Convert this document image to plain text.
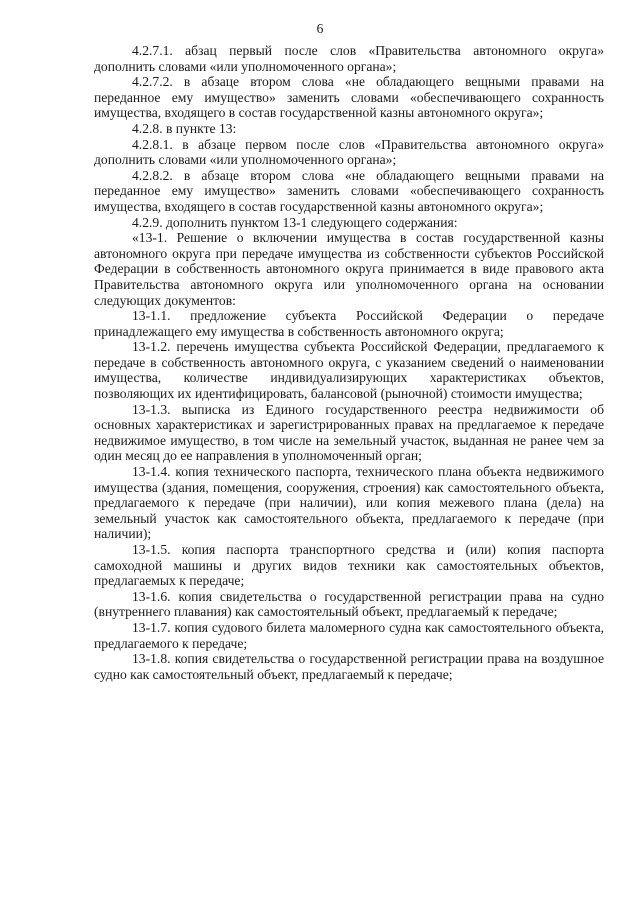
6

4.2.7.1. абзац первый после слов «Правительства автономного округа» дополнить словами «или уполномоченного органа»;

4.2.7.2. в абзаце втором слова «не обладающего вещными правами на переданное ему имущество» заменить словами «обеспечивающего сохранность имущества, входящего в состав государственной казны автономного округа»;

4.2.8. в пункте 13:

4.2.8.1. в абзаце первом после слов «Правительства автономного округа» дополнить словами «или уполномоченного органа»;

4.2.8.2. в абзаце втором слова «не обладающего вещными правами на переданное ему имущество» заменить словами «обеспечивающего сохранность имущества, входящего в состав государственной казны автономного округа»;

4.2.9. дополнить пунктом 13-1 следующего содержания:

«13-1. Решение о включении имущества в состав государственной казны автономного округа при передаче имущества из собственности субъектов Российской Федерации в собственность автономного округа принимается в виде правового акта Правительства автономного округа или уполномоченного органа на основании следующих документов:

13-1.1. предложение субъекта Российской Федерации о передаче принадлежащего ему имущества в собственность автономного округа;

13-1.2. перечень имущества субъекта Российской Федерации, предлагаемого к передаче в собственность автономного округа, с указанием сведений о наименовании имущества, количестве индивидуализирующих характеристиках объектов, позволяющих их идентифицировать, балансовой (рыночной) стоимости имущества;

13-1.3. выписка из Единого государственного реестра недвижимости об основных характеристиках и зарегистрированных правах на предлагаемое к передаче недвижимое имущество, в том числе на земельный участок, выданная не ранее чем за один месяц до ее направления в уполномоченный орган;

13-1.4. копия технического паспорта, технического плана объекта недвижимого имущества (здания, помещения, сооружения, строения) как самостоятельного объекта, предлагаемого к передаче (при наличии), или копия межевого плана (дела) на земельный участок как самостоятельного объекта, предлагаемого к передаче (при наличии);

13-1.5. копия паспорта транспортного средства и (или) копия паспорта самоходной машины и других видов техники как самостоятельных объектов, предлагаемых к передаче;

13-1.6. копия свидетельства о государственной регистрации права на судно (внутреннего плавания) как самостоятельный объект, предлагаемый к передаче;

13-1.7. копия судового билета маломерного судна как самостоятельного объекта, предлагаемого к передаче;

13-1.8. копия свидетельства о государственной регистрации права на воздушное судно как самостоятельный объект, предлагаемый к передаче;
